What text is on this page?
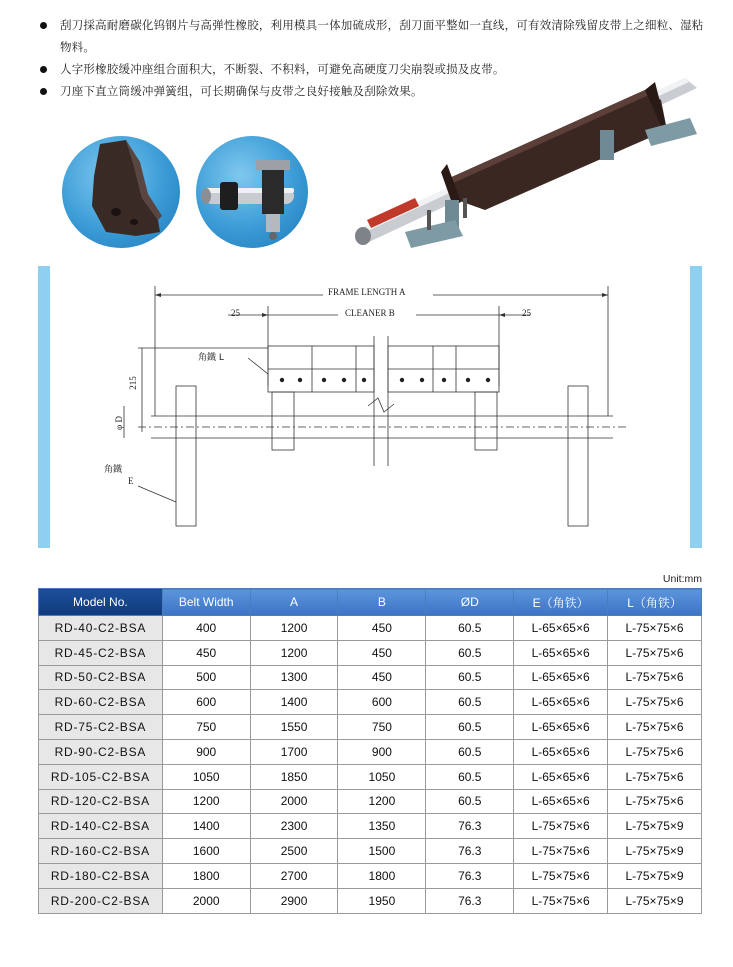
刮刀採高耐磨碳化钨钢片与高弹性橡胶，利用模具一体加硫成形，刮刀面平整如一直线，可有效清除残留皮带上之细粒、湿粘物料。
人字形橡胶缓冲座组合面积大，不断裂、不积料，可避免高硬度刀尖崩裂或损及皮带。
刀座下直立筒缓冲弹簧组，可长期确保与皮带之良好接触及刮除效果。
FRAME LENGTH A
CLEANER B
25	25
215
φ D
角鐵 L
角鐵
E
Unit:mm
Model No.	Belt Width	A	B	ØD	E（角铁）	L（角铁）
RD-40-C2-BSA	400	1200	450	60.5	L-65×65×6	L-75×75×6
RD-45-C2-BSA	450	1200	450	60.5	L-65×65×6	L-75×75×6
RD-50-C2-BSA	500	1300	450	60.5	L-65×65×6	L-75×75×6
RD-60-C2-BSA	600	1400	600	60.5	L-65×65×6	L-75×75×6
RD-75-C2-BSA	750	1550	750	60.5	L-65×65×6	L-75×75×6
RD-90-C2-BSA	900	1700	900	60.5	L-65×65×6	L-75×75×6
RD-105-C2-BSA	1050	1850	1050	60.5	L-65×65×6	L-75×75×6
RD-120-C2-BSA	1200	2000	1200	60.5	L-65×65×6	L-75×75×6
RD-140-C2-BSA	1400	2300	1350	76.3	L-75×75×6	L-75×75×9
RD-160-C2-BSA	1600	2500	1500	76.3	L-75×75×6	L-75×75×9
RD-180-C2-BSA	1800	2700	1800	76.3	L-75×75×6	L-75×75×9
RD-200-C2-BSA	2000	2900	1950	76.3	L-75×75×6	L-75×75×9
